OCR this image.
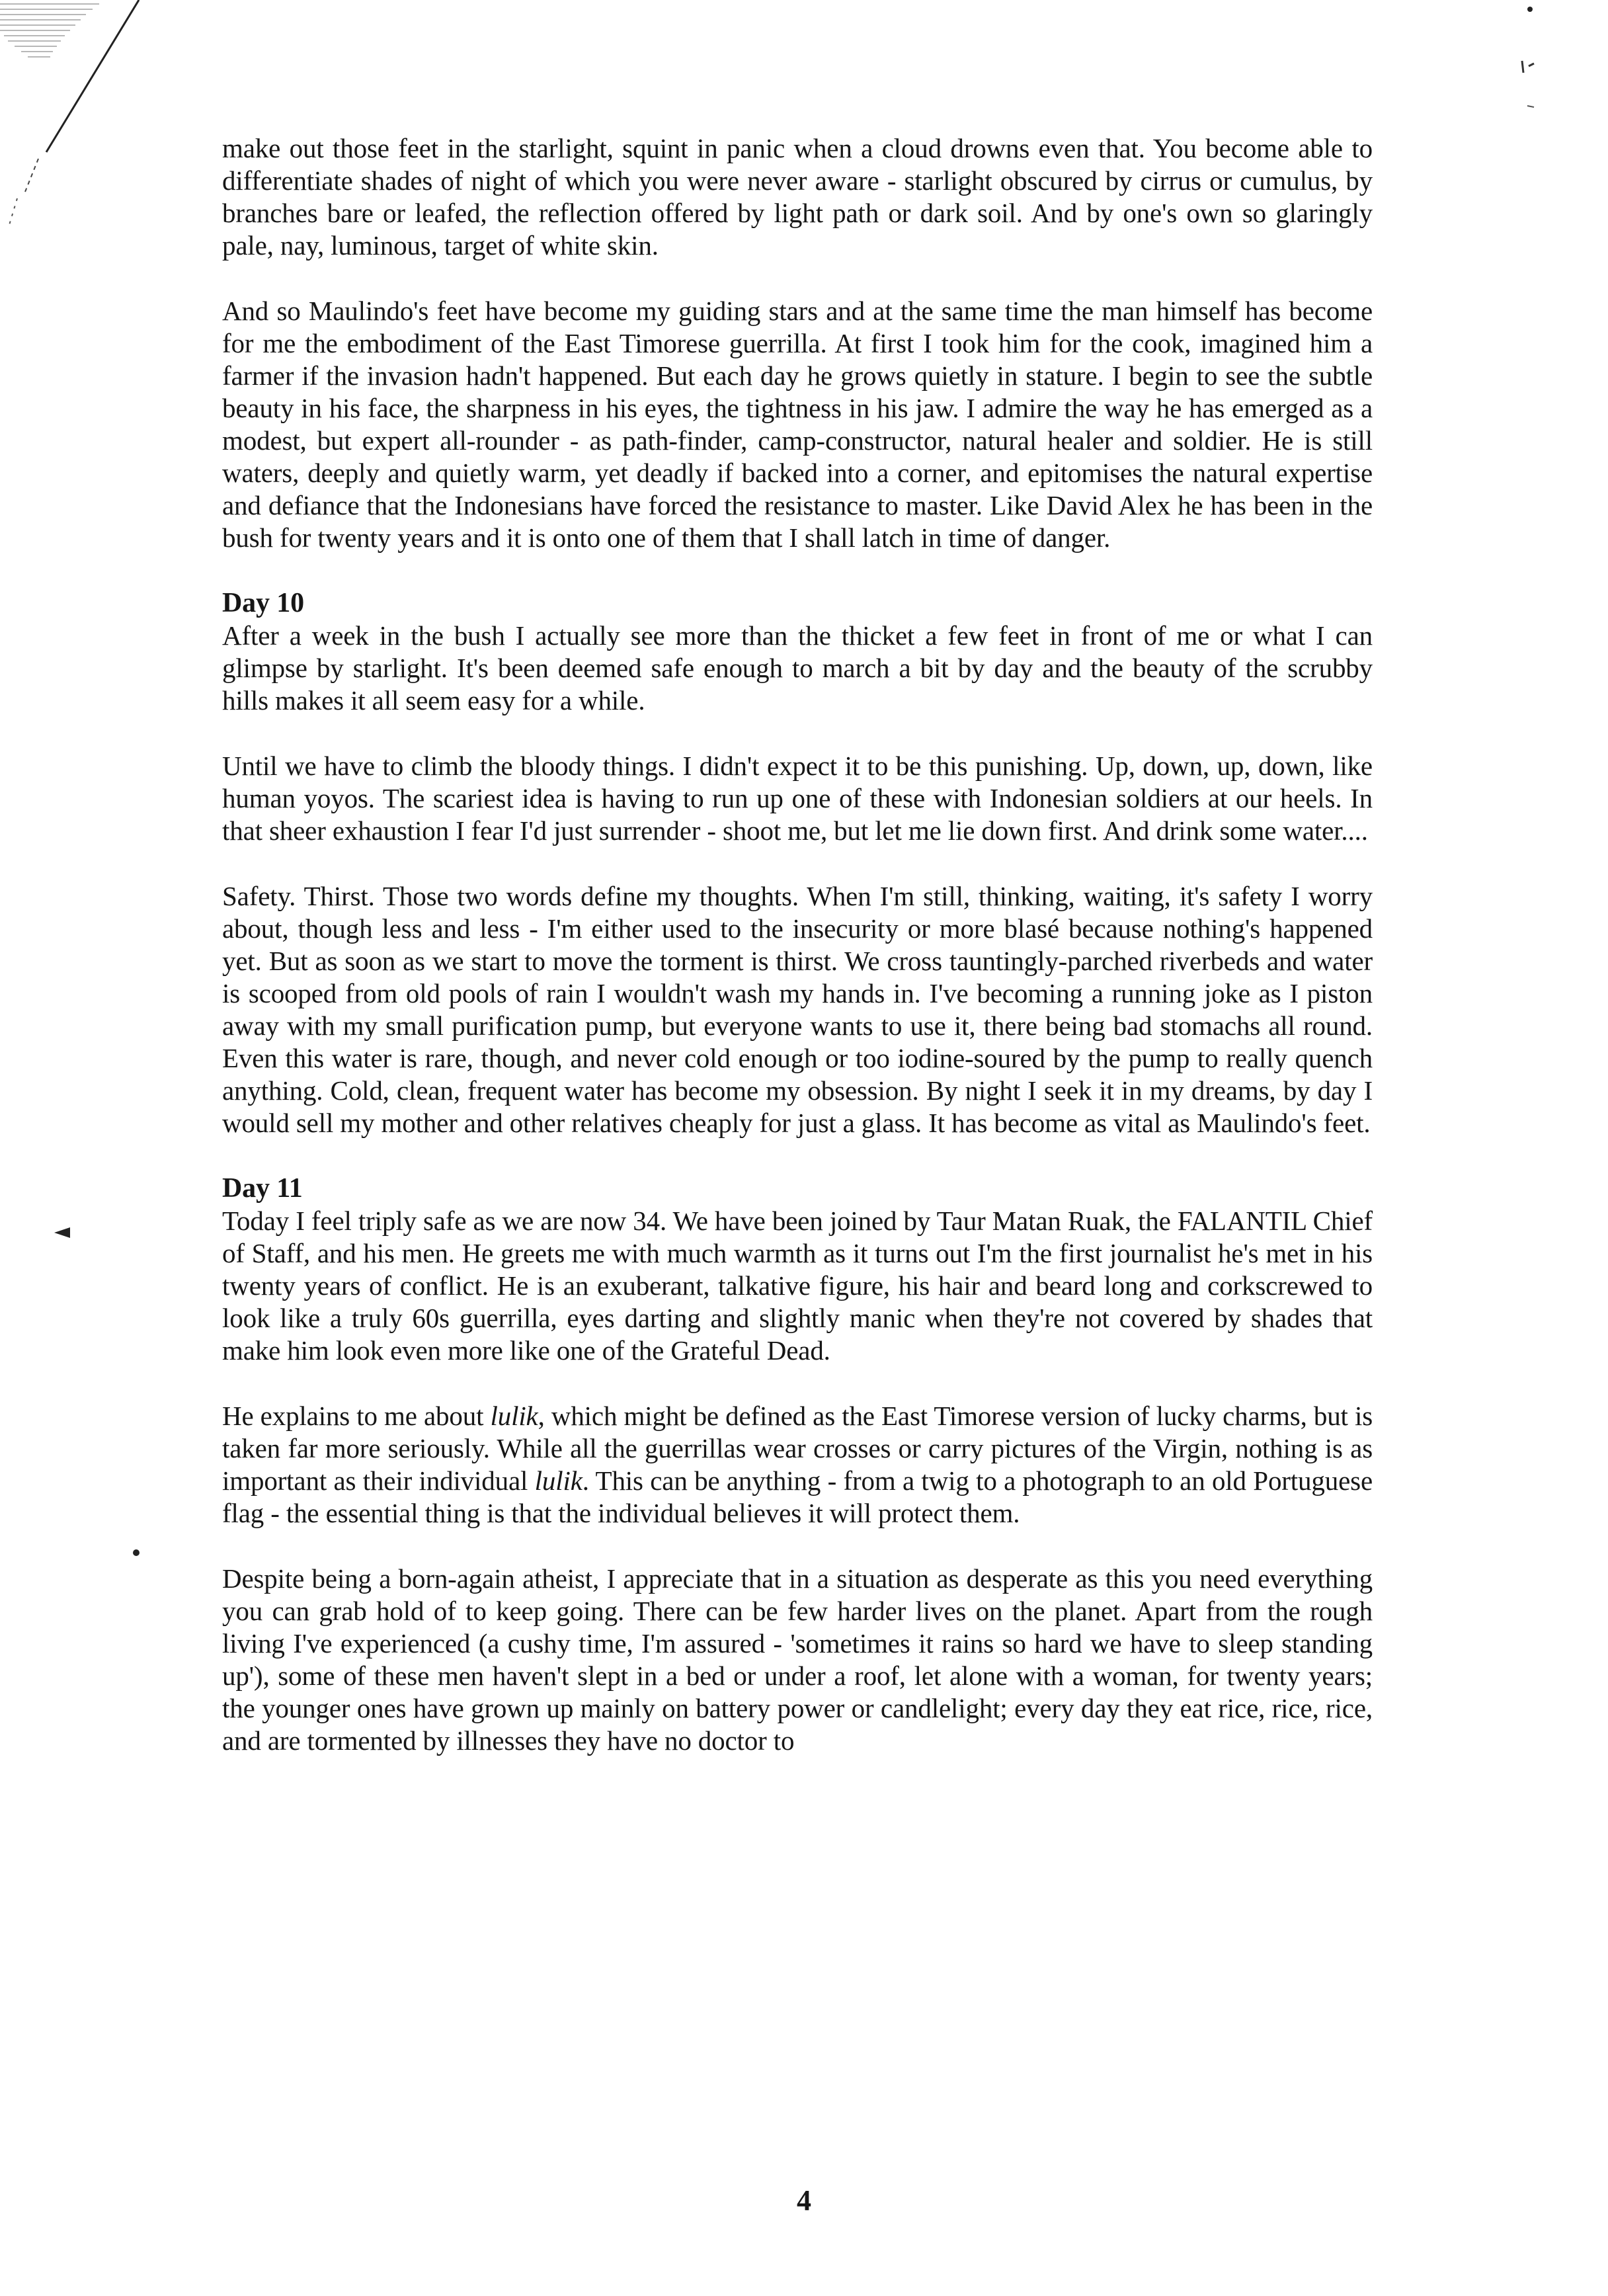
make out those feet in the starlight, squint in panic when a cloud drowns even that. You become able to differentiate shades of night of which you were never aware - starlight obscured by cirrus or cumulus, by branches bare or leafed, the reflection offered by light path or dark soil. And by one's own so glaringly pale, nay, luminous, target of white skin.

And so Maulindo's feet have become my guiding stars and at the same time the man himself has become for me the embodiment of the East Timorese guerrilla. At first I took him for the cook, imagined him a farmer if the invasion hadn't happened. But each day he grows quietly in stature. I begin to see the subtle beauty in his face, the sharpness in his eyes, the tightness in his jaw. I admire the way he has emerged as a modest, but expert all-rounder - as path-finder, camp-constructor, natural healer and soldier. He is still waters, deeply and quietly warm, yet deadly if backed into a corner, and epitomises the natural expertise and defiance that the Indonesians have forced the resistance to master. Like David Alex he has been in the bush for twenty years and it is onto one of them that I shall latch in time of danger.

Day 10

After a week in the bush I actually see more than the thicket a few feet in front of me or what I can glimpse by starlight. It's been deemed safe enough to march a bit by day and the beauty of the scrubby hills makes it all seem easy for a while.

Until we have to climb the bloody things. I didn't expect it to be this punishing. Up, down, up, down, like human yoyos. The scariest idea is having to run up one of these with Indonesian soldiers at our heels. In that sheer exhaustion I fear I'd just surrender - shoot me, but let me lie down first. And drink some water....

Safety. Thirst. Those two words define my thoughts. When I'm still, thinking, waiting, it's safety I worry about, though less and less - I'm either used to the insecurity or more blasé because nothing's happened yet. But as soon as we start to move the torment is thirst. We cross tauntingly-parched riverbeds and water is scooped from old pools of rain I wouldn't wash my hands in. I've becoming a running joke as I piston away with my small purification pump, but everyone wants to use it, there being bad stomachs all round. Even this water is rare, though, and never cold enough or too iodine-soured by the pump to really quench anything. Cold, clean, frequent water has become my obsession. By night I seek it in my dreams, by day I would sell my mother and other relatives cheaply for just a glass. It has become as vital as Maulindo's feet.

Day 11

Today I feel triply safe as we are now 34. We have been joined by Taur Matan Ruak, the FALANTIL Chief of Staff, and his men. He greets me with much warmth as it turns out I'm the first journalist he's met in his twenty years of conflict. He is an exuberant, talkative figure, his hair and beard long and corkscrewed to look like a truly 60s guerrilla, eyes darting and slightly manic when they're not covered by shades that make him look even more like one of the Grateful Dead.

He explains to me about lulik, which might be defined as the East Timorese version of lucky charms, but is taken far more seriously. While all the guerrillas wear crosses or carry pictures of the Virgin, nothing is as important as their individual lulik. This can be anything - from a twig to a photograph to an old Portuguese flag - the essential thing is that the individual believes it will protect them.

Despite being a born-again atheist, I appreciate that in a situation as desperate as this you need everything you can grab hold of to keep going. There can be few harder lives on the planet. Apart from the rough living I've experienced (a cushy time, I'm assured - 'sometimes it rains so hard we have to sleep standing up'), some of these men haven't slept in a bed or under a roof, let alone with a woman, for twenty years; the younger ones have grown up mainly on battery power or candlelight; every day they eat rice, rice, rice, and are tormented by illnesses they have no doctor to

4
